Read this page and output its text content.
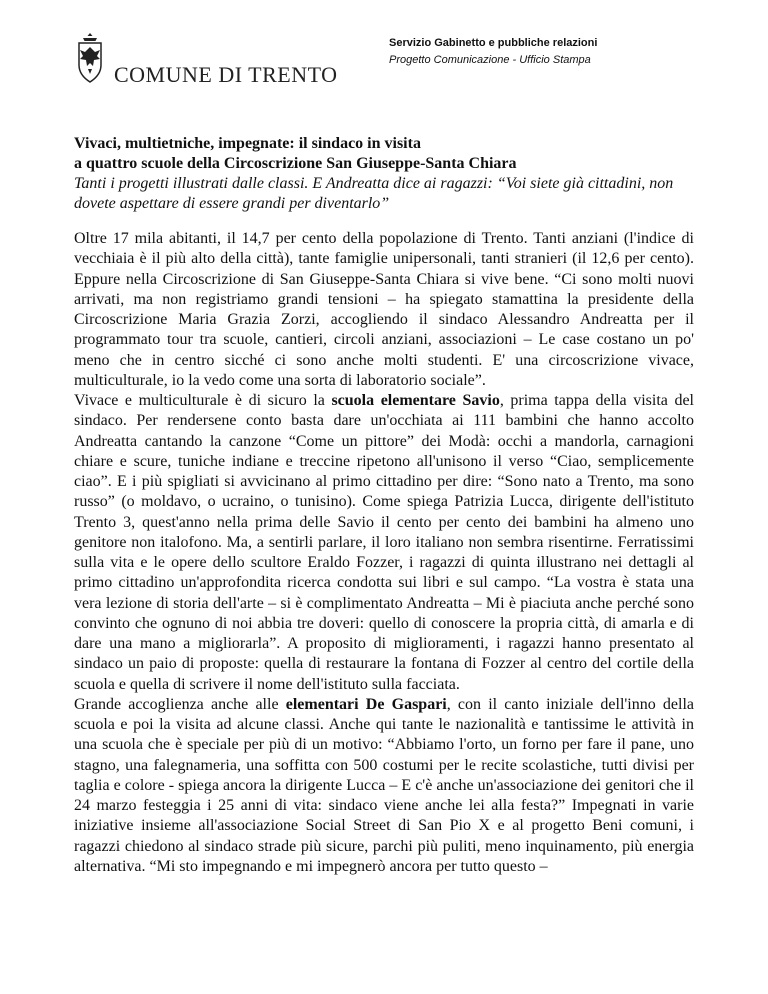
COMUNE DI TRENTO
Servizio Gabinetto e pubbliche relazioni
Progetto Comunicazione - Ufficio Stampa
Vivaci, multietniche, impegnate: il sindaco in visita
a quattro scuole della Circoscrizione San Giuseppe-Santa Chiara
Tanti i progetti illustrati dalle classi. E Andreatta dice ai ragazzi: “Voi siete già cittadini, non dovete aspettare di essere grandi per diventarlo”

Oltre 17 mila abitanti, il 14,7 per cento della popolazione di Trento. Tanti anziani (l'indice di vecchiaia è il più alto della città), tante famiglie unipersonali, tanti stranieri (il 12,6 per cento). Eppure nella Circoscrizione di San Giuseppe-Santa Chiara si vive bene. “Ci sono molti nuovi arrivati, ma non registriamo grandi tensioni – ha spiegato stamattina la presidente della Circoscrizione Maria Grazia Zorzi, accogliendo il sindaco Alessandro Andreatta per il programmato tour tra scuole, cantieri, circoli anziani, associazioni – Le case costano un po' meno che in centro sicché ci sono anche molti studenti. E' una circoscrizione vivace, multiculturale, io la vedo come una sorta di laboratorio sociale”.

Vivace e multiculturale è di sicuro la scuola elementare Savio, prima tappa della visita del sindaco. Per rendersene conto basta dare un'occhiata ai 111 bambini che hanno accolto Andreatta cantando la canzone “Come un pittore” dei Modà: occhi a mandorla, carnagioni chiare e scure, tuniche indiane e treccine ripetono all'unisono il verso “Ciao, semplicemente ciao”. E i più spigliati si avvicinano al primo cittadino per dire: “Sono nato a Trento, ma sono russo” (o moldavo, o ucraino, o tunisino). Come spiega Patrizia Lucca, dirigente dell'istituto Trento 3, quest'anno nella prima delle Savio il cento per cento dei bambini ha almeno uno genitore non italofono. Ma, a sentirli parlare, il loro italiano non sembra risentirne. Ferratissimi sulla vita e le opere dello scultore Eraldo Fozzer, i ragazzi di quinta illustrano nei dettagli al primo cittadino un'approfondita ricerca condotta sui libri e sul campo. “La vostra è stata una vera lezione di storia dell'arte – si è complimentato Andreatta – Mi è piaciuta anche perché sono convinto che ognuno di noi abbia tre doveri: quello di conoscere la propria città, di amarla e di dare una mano a migliorarla”. A proposito di miglioramenti, i ragazzi hanno presentato al sindaco un paio di proposte: quella di restaurare la fontana di Fozzer al centro del cortile della scuola e quella di scrivere il nome dell'istituto sulla facciata.

Grande accoglienza anche alle elementari De Gaspari, con il canto iniziale dell'inno della scuola e poi la visita ad alcune classi. Anche qui tante le nazionalità e tantissime le attività in una scuola che è speciale per più di un motivo: “Abbiamo l'orto, un forno per fare il pane, uno stagno, una falegnameria, una soffitta con 500 costumi per le recite scolastiche, tutti divisi per taglia e colore - spiega ancora la dirigente Lucca – E c'è anche un'associazione dei genitori che il 24 marzo festeggia i 25 anni di vita: sindaco viene anche lei alla festa?” Impegnati in varie iniziative insieme all'associazione Social Street di San Pio X e al progetto Beni comuni, i ragazzi chiedono al sindaco strade più sicure, parchi più puliti, meno inquinamento, più energia alternativa. “Mi sto impegnando e mi impegnerò ancora per tutto questo –
